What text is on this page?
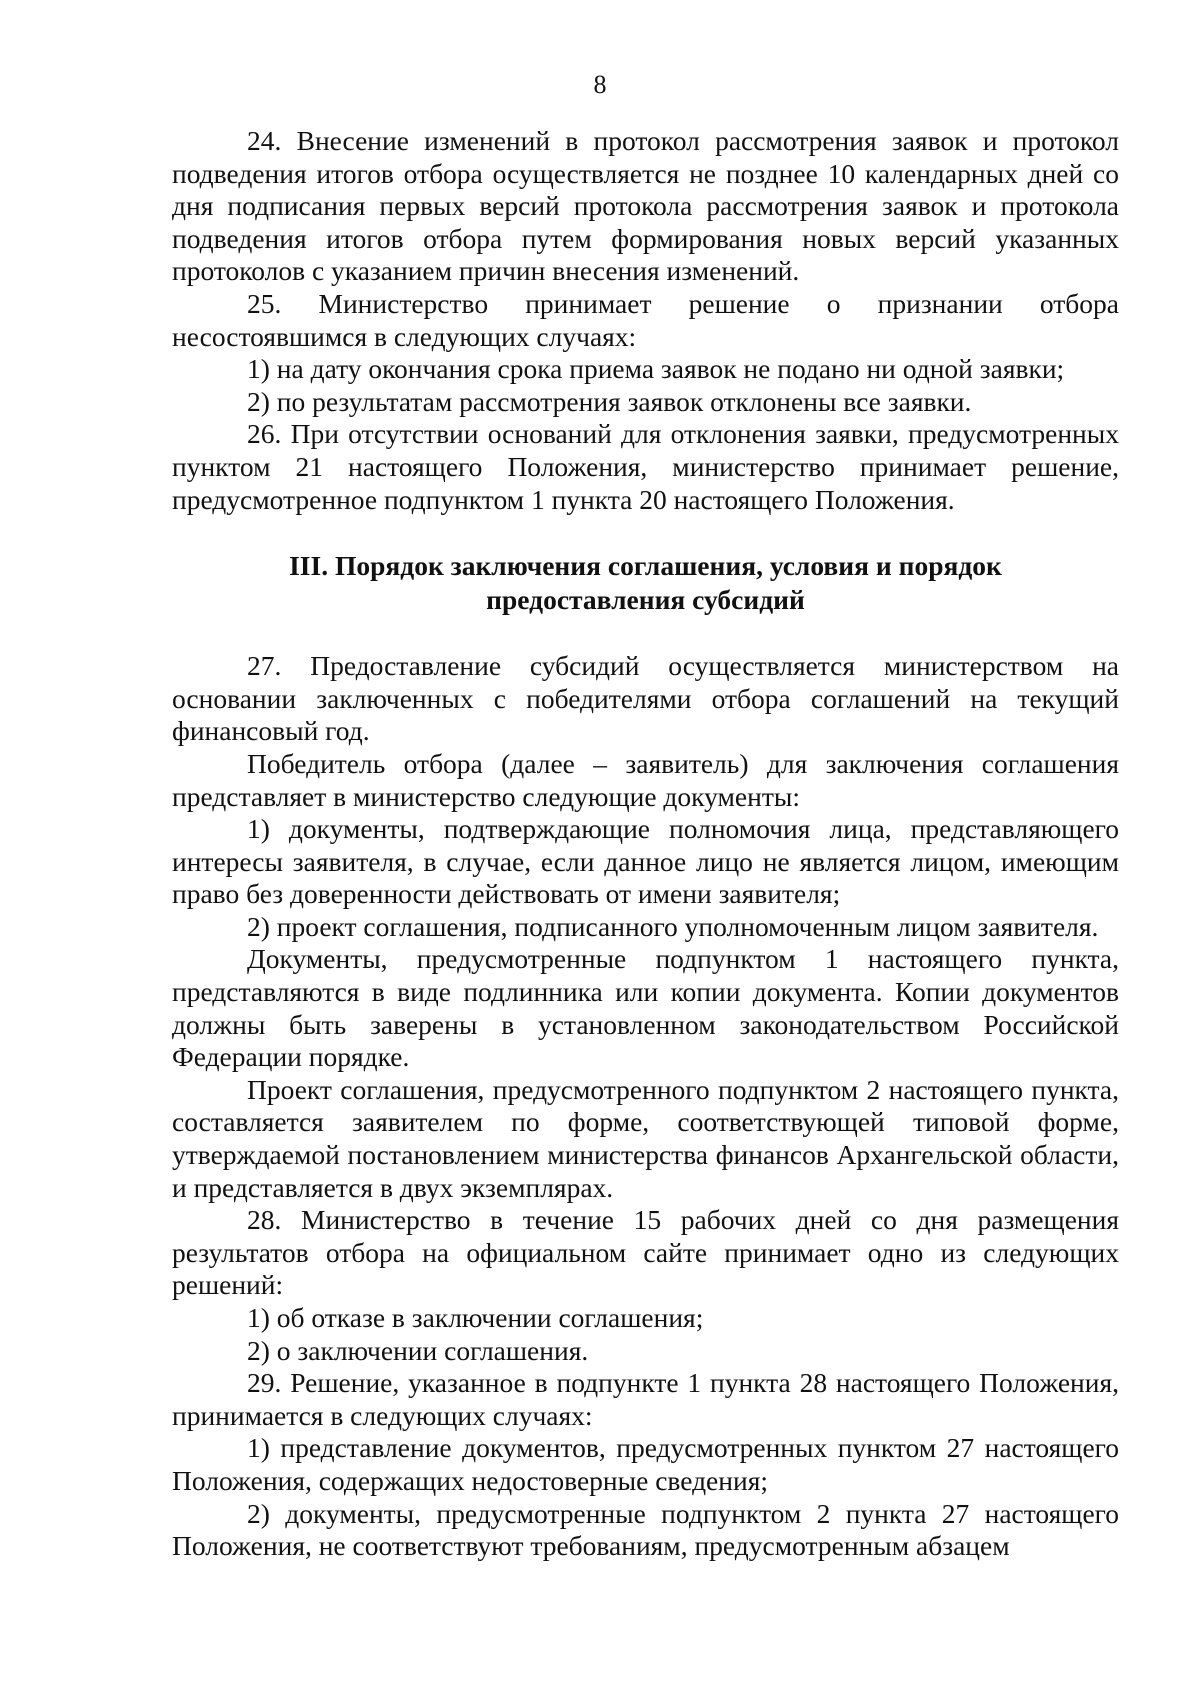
8

24. Внесение изменений в протокол рассмотрения заявок и протокол подведения итогов отбора осуществляется не позднее 10 календарных дней со дня подписания первых версий протокола рассмотрения заявок и протокола подведения итогов отбора путем формирования новых версий указанных протоколов с указанием причин внесения изменений.

25. Министерство принимает решение о признании отбора несостоявшимся в следующих случаях:

1) на дату окончания срока приема заявок не подано ни одной заявки;

2) по результатам рассмотрения заявок отклонены все заявки.

26. При отсутствии оснований для отклонения заявки, предусмотренных пунктом 21 настоящего Положения, министерство принимает решение, предусмотренное подпунктом 1 пункта 20 настоящего Положения.

III. Порядок заключения соглашения, условия и порядок
предоставления субсидий

27. Предоставление субсидий осуществляется министерством на основании заключенных с победителями отбора соглашений на текущий финансовый год.

Победитель отбора (далее – заявитель) для заключения соглашения представляет в министерство следующие документы:

1) документы, подтверждающие полномочия лица, представляющего интересы заявителя, в случае, если данное лицо не является лицом, имеющим право без доверенности действовать от имени заявителя;

2) проект соглашения, подписанного уполномоченным лицом заявителя.

Документы, предусмотренные подпунктом 1 настоящего пункта, представляются в виде подлинника или копии документа. Копии документов должны быть заверены в установленном законодательством Российской Федерации порядке.

Проект соглашения, предусмотренного подпунктом 2 настоящего пункта, составляется заявителем по форме, соответствующей типовой форме, утверждаемой постановлением министерства финансов Архангельской области, и представляется в двух экземплярах.

28. Министерство в течение 15 рабочих дней со дня размещения результатов отбора на официальном сайте принимает одно из следующих решений:

1) об отказе в заключении соглашения;

2) о заключении соглашения.

29. Решение, указанное в подпункте 1 пункта 28 настоящего Положения, принимается в следующих случаях:

1) представление документов, предусмотренных пунктом 27 настоящего Положения, содержащих недостоверные сведения;

2) документы, предусмотренные подпунктом 2 пункта 27 настоящего Положения, не соответствуют требованиям, предусмотренным абзацем
